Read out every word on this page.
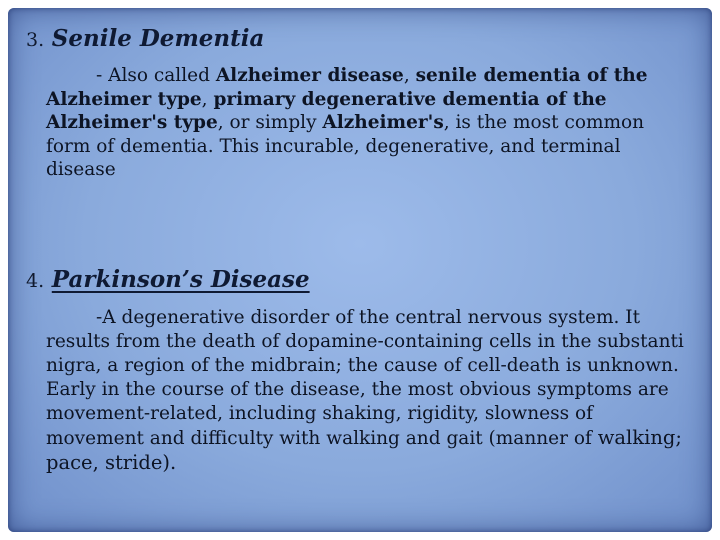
3. Senile Dementia

- Also called Alzheimer disease, senile dementia of the Alzheimer type, primary degenerative dementia of the Alzheimer's type, or simply Alzheimer's, is the most common form of dementia. This incurable, degenerative, and terminal disease

4. Parkinson’s Disease

-A degenerative disorder of the central nervous system. It results from the death of dopamine-containing cells in the substanti nigra, a region of the midbrain; the cause of cell-death is unknown. Early in the course of the disease, the most obvious symptoms are movement-related, including shaking, rigidity, slowness of movement and difficulty with walking and gait (manner of walking; pace, stride).
